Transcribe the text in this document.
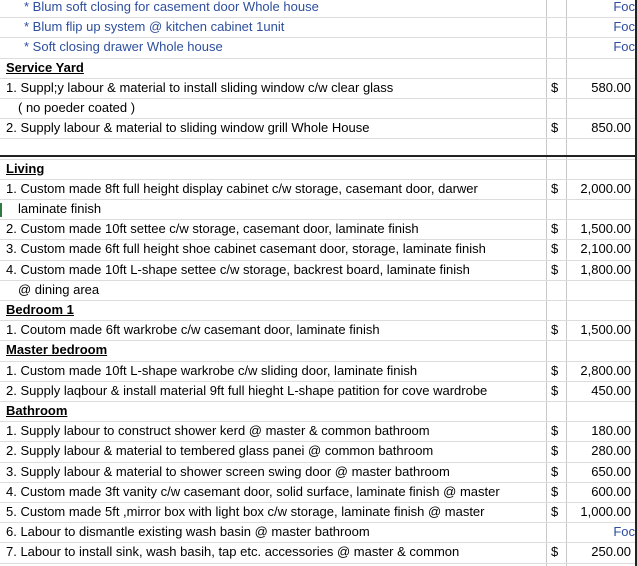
* Blum soft closing for casement door Whole house	Foc
* Blum flip up system @ kitchen cabinet 1unit	Foc
* Soft closing drawer Whole house	Foc
Service Yard
1. Suppl;y labour & material to install sliding window c/w clear glass	$	580.00
( no poeder coated )
2. Supply labour & material to sliding window grill Whole House	$	850.00
Living
1. Custom made 8ft full height display cabinet c/w storage, casemant door, darwer	$	2,000.00
laminate finish
2. Custom made 10ft settee c/w storage, casemant door, laminate finish	$	1,500.00
3. Custom made 6ft full height shoe cabinet casemant door, storage, laminate finish	$	2,100.00
4. Custom made 10ft L-shape settee c/w storage, backrest board, laminate finish	$	1,800.00
@ dining area
Bedroom 1
1. Coutom made 6ft warkrobe c/w casemant door, laminate finish	$	1,500.00
Master bedroom
1. Custom made 10ft L-shape warkrobe c/w sliding door, laminate finish	$	2,800.00
2. Supply laqbour & install material 9ft full hieght L-shape patition for cove wardrobe	$	450.00
Bathroom
1. Supply labour to construct shower kerd @ master & common bathroom	$	180.00
2. Supply labour & material to tembered glass panei @ common bathroom	$	280.00
3. Supply labour & material to shower screen swing door @ master bathroom	$	650.00
4. Custom made 3ft vanity c/w casemant door, solid surface, laminate finish @ master	$	600.00
5. Custom made 5ft ,mirror box with light box c/w storage, laminate finish @ master	$	1,000.00
6. Labour to dismantle existing wash basin @ master bathroom	Foc
7. Labour to install sink, wash basih, tap etc. accessories @ master & common	$	250.00
